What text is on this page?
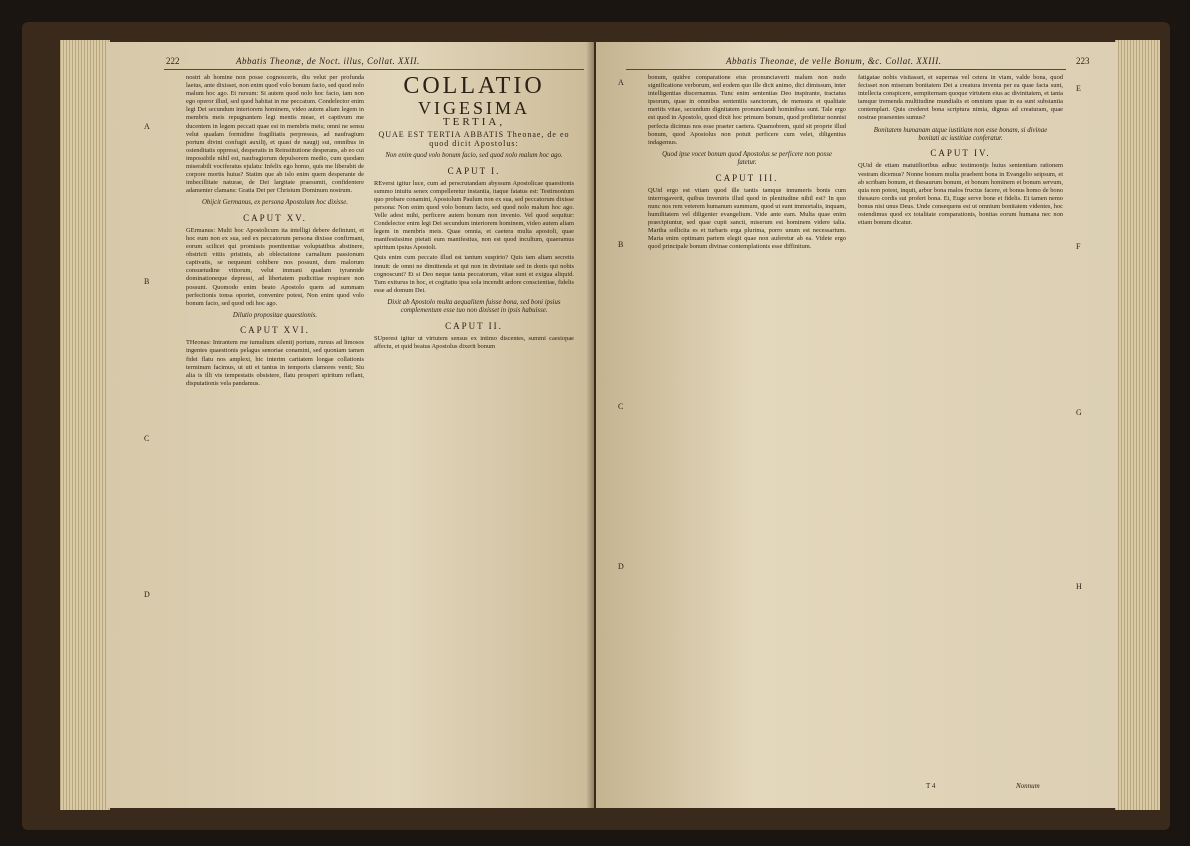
222	Abbatis Theonæ, de Noct. illus, Collat. XXII.
A
B
C
D

nostri ab homine non posse cognosceris, diu velut per profunda laetus, ante dixisset, non enim quod volo bonum facio, sed quod nolo malum hoc ago. Et rursum: Si autem quod nolo hoc facio, iam non ego operor illud, sed quod habitat in me peccatum. Condelector enim legi Dei secundum interiorem hominem, video autem aliam legem in membris meis repugnantem legi mentis meae, et captivum me ducentem in legem peccati quae est in membris meis; omni ne sensu velut quadam formidine fragilitatis perpressus, ad naufragium portum divini confugit auxilij, et quasi de naugij sui, omnibus in ostenditatis oppressi, desperatis in Reinstitutione desperans, ab eo cui impossibile nihil est, naufragiorum depulsorem medio, cum quodam miserabili vociferatus ejulatu: Infelix ego homo, quis me liberabit de corpore mortis huius? Statim que ab islo enim quem desperante de imbecillitate naturae, de Dei largitate praesumit, confidentere adamenter clamans: Gratia Dei per Christum Dominum nostrum.

Obijcit Germanus, ex persona Apostolum hoc dixisse.
CAPUT XV.

GErmanus: Multi hoc Apostolicum ita intelligi debere definiunt, et hoc eum non ex sua, sed ex peccatorum persona dixisse confirmant, eorum scilicet qui promissis poenitentiae voluptatibus abstinere, obstricti vitiis pristinis, ab oblectatione carnalium passionum captivatis, se nequeunt cohibere nos possunt, dum malorum consuetudine vitiorum, velut immani quadam tyrannide dominationeque depressi, ad libertatem pudicitiae respirare non possunt. Quomodo enim beato Apostolo quem ad summam perfectionis tonsa oportet, convenire potest, Non enim quod volo bonum facio, sed quod odi hoc ago.

Dilutio propositae quaestionis.
CAPUT XVI.

THeonas: Intrantem me tumultum silentij portum, rursus ad limosos ingentes quaestionis pelagus senoriae conamini, sed quoniam tamen fidei flatu nos amplexi, hic interim caritatem longae collationis terminum facimus, ut uti et tantus in temporis clamores venti; Siu alia is illi vis tempestatis obsistere, flatu prosperi spiritum reflant, disputationis vela pandamus.

COLLATIO
VIGESIMA
TERTIA,
QUAE EST TERTIA ABBATIS Theonae, de eo quod dicit Apostolus:
Non enim quod volo bonum facio, sed quod nolo malum hoc ago.
CAPUT I.

REversi igitur luce, cum ad perscrutandam abyssum Apostolicae quaestionis summo intuitu senex compelleretur instantia, itaque fatatus est: Testimonium quo probare conamini, Apostolum Paulum non ex sua, sed peccatorum dixisse persona: Non enim quod volo bonum facio, sed quod nolo malum hoc ago. Velle adest mihi, perficere autem bonum non invenio. Vel quod sequitur: Condelector enim legi Dei secundum interiorem hominem, video autem aliam legem in membris meis. Quae omnia, et caetera multa apostoli, quae manifestissime pietati eum manifestius, non est quod incultum, quaeramus spiritum ipsius Apostoli.

Quis enim cum peccato illud est tantum suspirio? Quis tam altam secretis innuit: de omni ne dimittenda et qui non in divinitate sed in donis qui nobis cognoscunt? Et si Deo neque tanta peccatorum, vitae sunt et exigua aliquid. Tum exiturus in hoc, et cogitatio ipsa sola incendit ardore conscientiae, fidelis esse ad domum Dei.

Dixit ab Apostolo multa aequalitem fuisse bona, sed boni ipsius complementum esse tuo non dixisset in ipsis habuisse.
CAPUT II.

SUperest igitur ut virtutem sensus ex intimo discentes, summi caesiopae affectu, et quid beatus Apostolus dixerit bonum

Abbatis Theonae, de velle Bonum, &c. Collat. XXIII.	223
A
B
C
D
E
F
G
H

bonum, quidve comparatione eius pronunciaverit malum non nudo significatione verborum, sed eodem quo ille dicit animo, dici dimissum, inter intelligentias discernamus. Tunc enim sententias Deo inspirante, tractatus ipsorum, quae in omnibus sententiis sanctorum, de mensura et qualitate meritis vitae, secundum dignitatem pronunciandi hominibus sunt. Tale ergo est quod in Apostolo, quod dixit hoc primum bonum, quod profitetur nonnisi perfecta dicimus nos esse praeter caetera. Quamobrem, quid sit proprie illud bonum, quod Apostolus non potuit perficere cum velet, diligentius indagemus.

Quod ipse vocet bonum quod Apostolus se perficere non posse fatetur.
CAPUT III.

QUid ergo est vitam quod ille tantis tamque innumeris bonis cum interrogaverit, quibus inveniris illud quod in plenitudine nihil est? In quo nunc nos rem veterem humanum summum, quod ut sunt immortalis, inquam, humilitatem vel diligenter evangelium. Vide ante eam. Multa quae enim praecipiuntur, sed quae cupit sancti, miserum est hominem videre talia. Martha sollicita es et turbaris erga plurima, porro unum est necessarium. Maria enim optimam partem elegit quae non auferetur ab ea. Videte ergo quod principale bonum divinae contemplationis esse diffinitum.

fatigatae nobis visitasset, et supernas vel cetera in viam, valde bona, quod fecisset non miseram bonitatem Dei a creatura inventa per ea quae facta sunt, intellecta conspicere, sempiternam quoque virtutem eius ac divinitatem, et tanta tamque tremenda multitudine mundialis et omnium quae in ea sunt substantia contemplari. Quis crederet bona scriptura nimia, dignus ad creaturam, quae nostrae praesentes sumus?

Bonitatem humanam atque iustitiam non esse bonam, si divinae bonitati ac iustitiae conferatur.
CAPUT IV.

QUid de etiam matutilioribus adhuc testimonijs huius sententiam rationem vestram dicemus? Nonne bonum multa praebent bona in Evangelio seipsum, et ab scribam bonum, et thesaurum bonum, et bonum hominem et bonum servum, quia non potest, inquit, arbor bona malos fructus facere, et bonus homo de bono thesauro cordis sui profert bona. Et, Euge serve bone et fidelis. Et tamen nemo bonus nisi unus Deus. Unde consequens est ut omnium bonitatem videntes, hoc ostendimus quod ex totalitate comparationis, bonitas eorum humana nec non etiam bonum dicatur.

T 4	Nonnum
